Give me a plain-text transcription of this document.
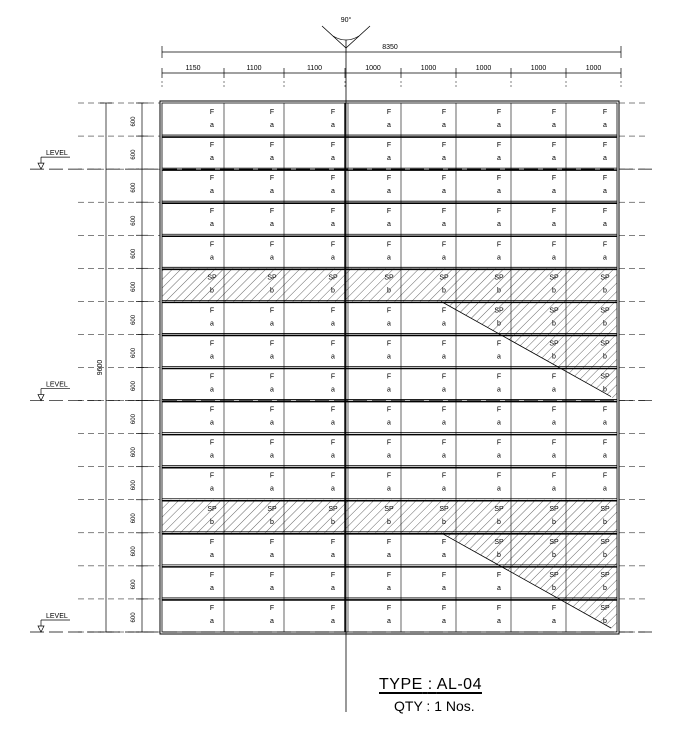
F
a
F
a
F
a
F
a
F
a
F
a
F
a
F
a
F
a
F
a
F
a
F
a
F
a
F
a
F
a
F
a
F
a
F
a
F
a
F
a
F
a
F
a
F
a
F
a
F
a
F
a
F
a
F
a
F
a
F
a
F
a
F
a
F
a
F
a
F
a
F
a
F
a
F
a
F
a
F
a
SP
b
SP
b
SP
b
SP
b
SP
b
SP
b
SP
b
SP
b
F
a
F
a
F
a
F
a
F
a
SP
b
SP
b
SP
b
F
a
F
a
F
a
F
a
F
a
F
a
SP
b
SP
b
F
a
F
a
F
a
F
a
F
a
F
a
F
a
SP
b
F
a
F
a
F
a
F
a
F
a
F
a
F
a
F
a
F
a
F
a
F
a
F
a
F
a
F
a
F
a
F
a
F
a
F
a
F
a
F
a
F
a
F
a
F
a
F
a
SP
b
SP
b
SP
b
SP
b
SP
b
SP
b
SP
b
SP
b
F
a
F
a
F
a
F
a
F
a
SP
b
SP
b
SP
b
F
a
F
a
F
a
F
a
F
a
F
a
SP
b
SP
b
F
a
F
a
F
a
F
a
F
a
F
a
F
a
SP
b
8350
1150	1100	1100	1000	1000	1000	1000	1000
90°
9600
600
600
600
600
600
600
600
600
600
600
600
600
600
600
600
600
LEVEL
LEVEL
LEVEL
TYPE : AL-04
QTY : 1 Nos.
